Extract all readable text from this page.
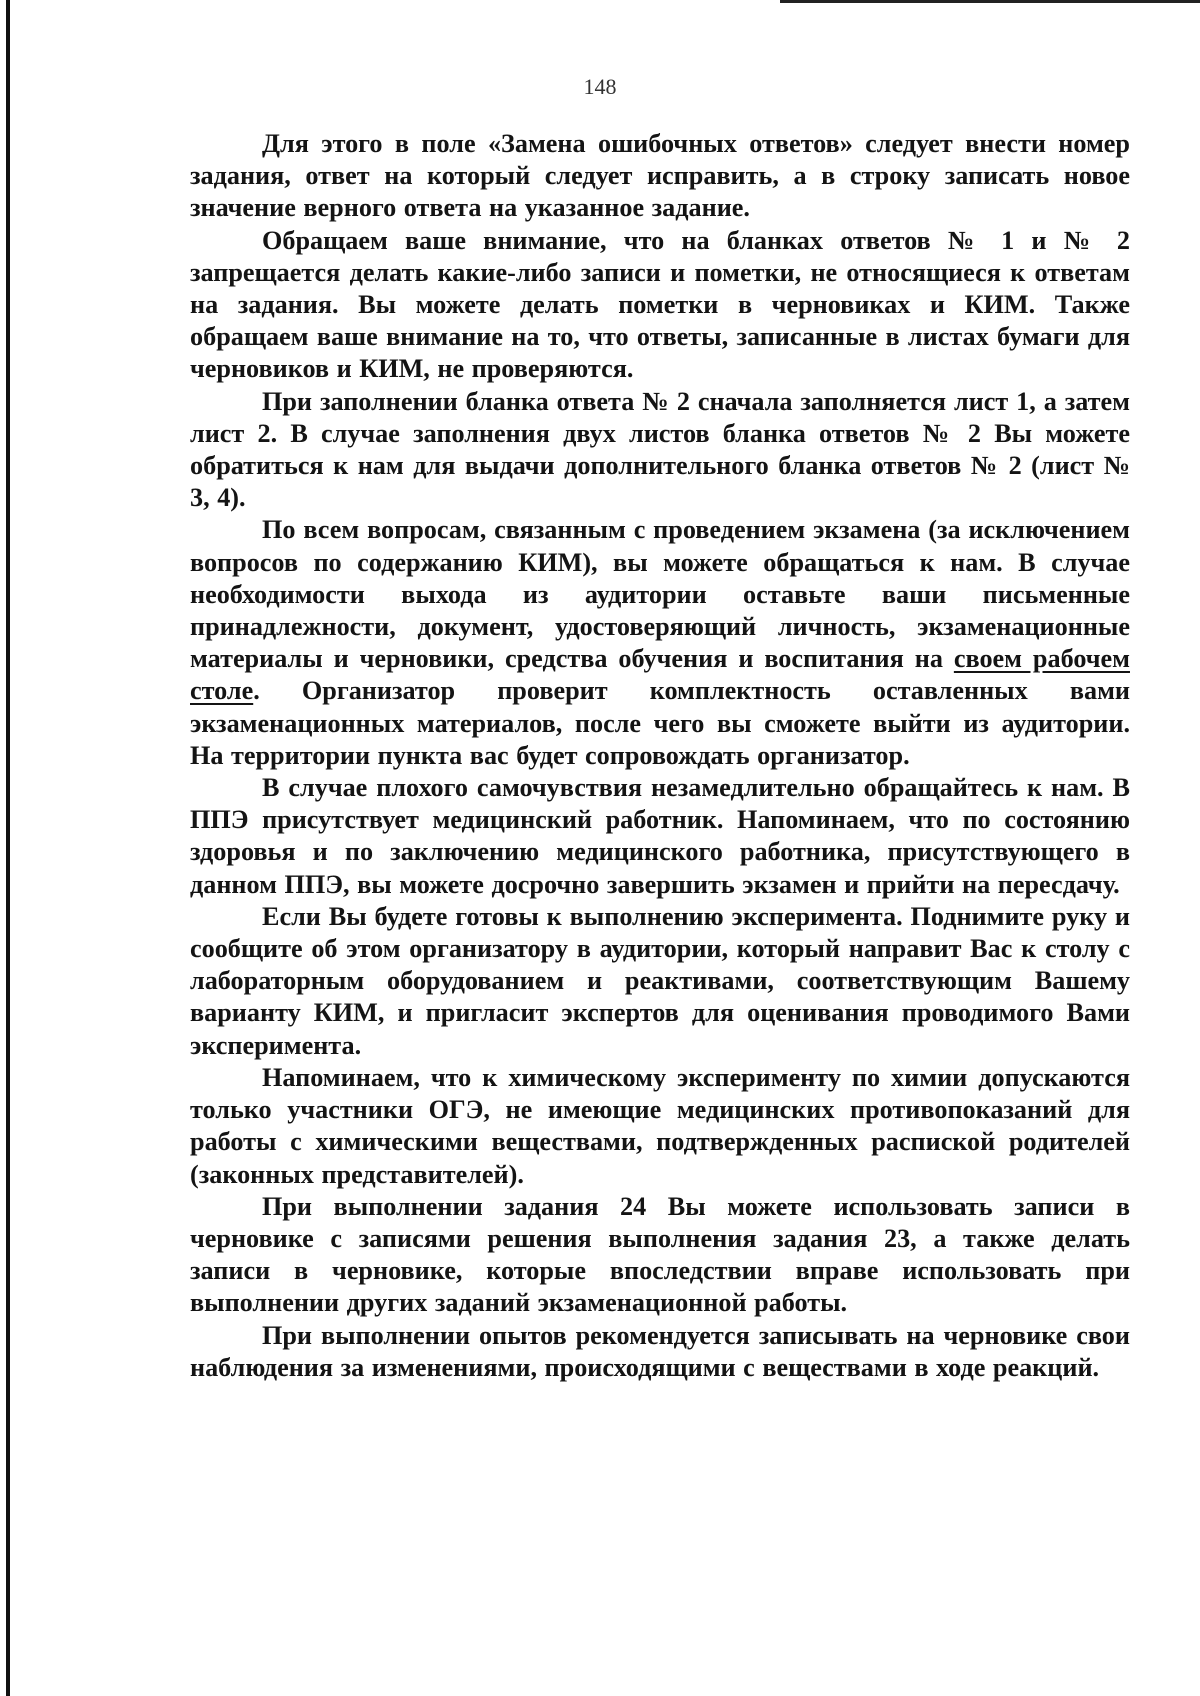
148

Для этого в поле «Замена ошибочных ответов» следует внести номер задания, ответ на который следует исправить, а в строку записать новое значение верного ответа на указанное задание.

Обращаем ваше внимание, что на бланках ответов № 1 и № 2 запрещается делать какие-либо записи и пометки, не относящиеся к ответам на задания. Вы можете делать пометки в черновиках и КИМ. Также обращаем ваше внимание на то, что ответы, записанные в листах бумаги для черновиков и КИМ, не проверяются.

При заполнении бланка ответа № 2 сначала заполняется лист 1, а затем лист 2. В случае заполнения двух листов бланка ответов № 2 Вы можете обратиться к нам для выдачи дополнительного бланка ответов № 2 (лист № 3, 4).

По всем вопросам, связанным с проведением экзамена (за исключением вопросов по содержанию КИМ), вы можете обращаться к нам. В случае необходимости выхода из аудитории оставьте ваши письменные принадлежности, документ, удостоверяющий личность, экзаменационные материалы и черновики, средства обучения и воспитания на своем рабочем столе. Организатор проверит комплектность оставленных вами экзаменационных материалов, после чего вы сможете выйти из аудитории. На территории пункта вас будет сопровождать организатор.

В случае плохого самочувствия незамедлительно обращайтесь к нам. В ППЭ присутствует медицинский работник. Напоминаем, что по состоянию здоровья и по заключению медицинского работника, присутствующего в данном ППЭ, вы можете досрочно завершить экзамен и прийти на пересдачу.

Если Вы будете готовы к выполнению эксперимента. Поднимите руку и сообщите об этом организатору в аудитории, который направит Вас к столу с лабораторным оборудованием и реактивами, соответствующим Вашему варианту КИМ, и пригласит экспертов для оценивания проводимого Вами эксперимента.

Напоминаем, что к химическому эксперименту по химии допускаются только участники ОГЭ, не имеющие медицинских противопоказаний для работы с химическими веществами, подтвержденных распиской родителей (законных представителей).

При выполнении задания 24 Вы можете использовать записи в черновике с записями решения выполнения задания 23, а также делать записи в черновике, которые впоследствии вправе использовать при выполнении других заданий экзаменационной работы.

При выполнении опытов рекомендуется записывать на черновике свои наблюдения за изменениями, происходящими с веществами в ходе реакций.
